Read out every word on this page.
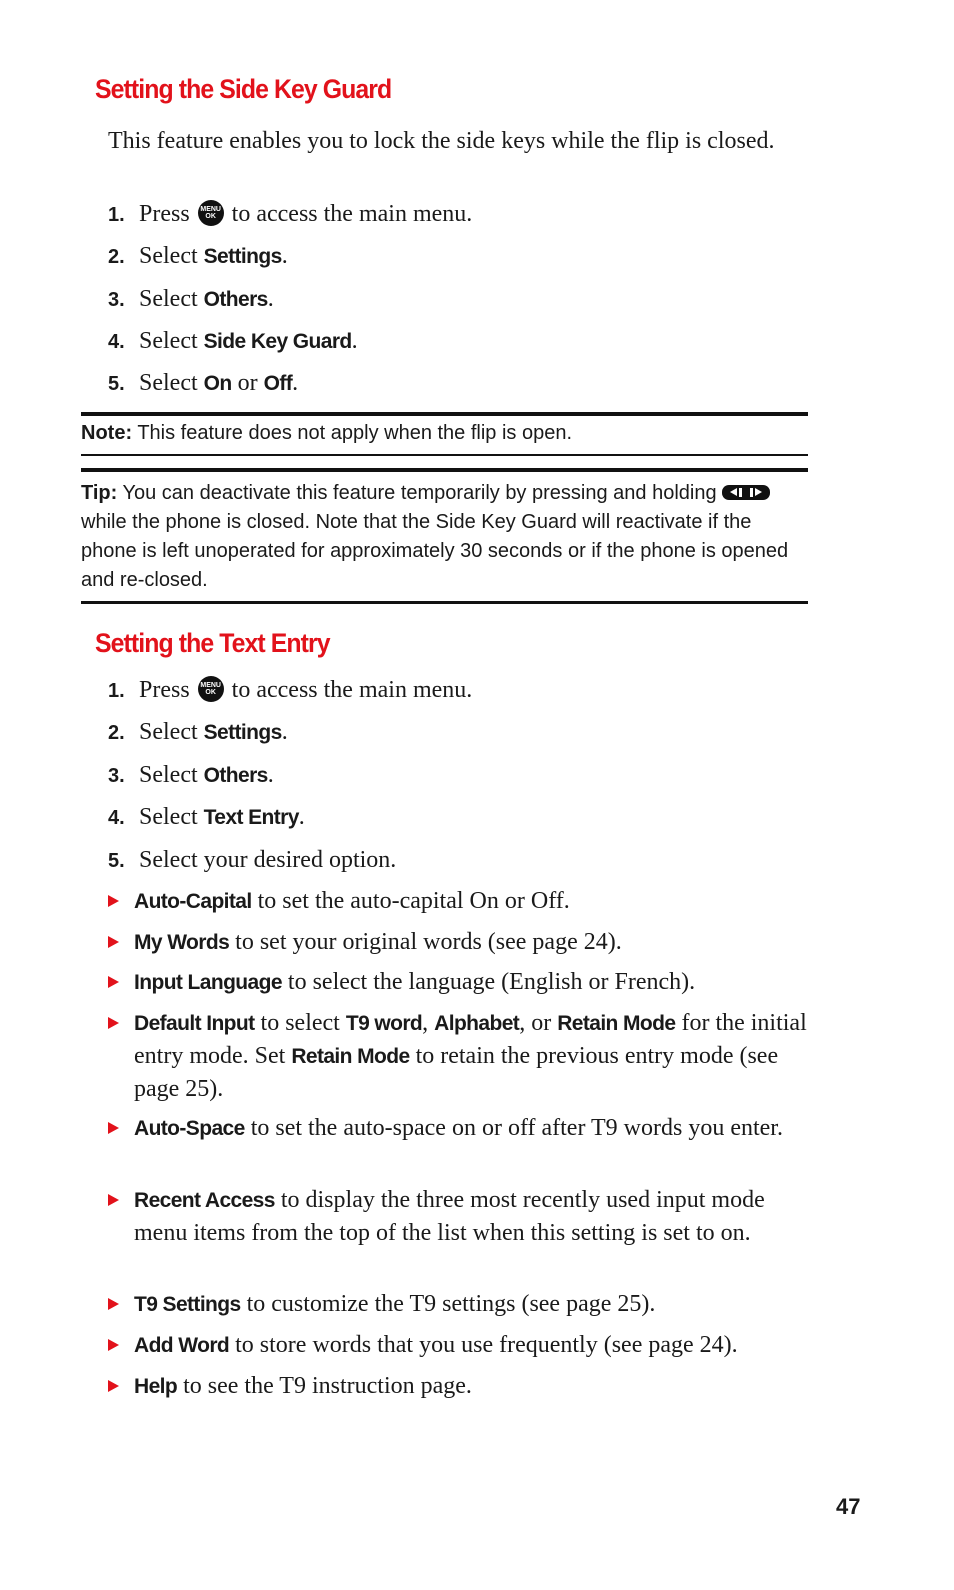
Setting the Side Key Guard

This feature enables you to lock the side keys while the flip is closed.

1. Press	MENU
OK to access the main menu.
2. Select Settings.
3. Select Others.
4. Select Side Key Guard.
5. Select On or Off.

Note: This feature does not apply when the flip is open.

Tip: You can deactivate this feature temporarily by pressing and holding
while the phone is closed. Note that the Side Key Guard will reactivate if the phone is left unoperated for approximately 30 seconds or if the phone is opened and re-closed.

Setting the Text Entry
1. Press	MENU
OK to access the main menu.
2. Select Settings.
3. Select Others.
4. Select Text Entry.
5. Select your desired option.
Auto-Capital to set the auto-capital On or Off.
My Words to set your original words (see page 24).
Input Language to select the language (English or French).
Default Input to select T9 word, Alphabet, or Retain Mode for the initial entry mode. Set Retain Mode to retain the previous entry mode (see page 25).
Auto-Space to set the auto-space on or off after T9 words you enter.
Recent Access to display the three most recently used input mode menu items from the top of the list when this setting is set to on.
T9 Settings to customize the T9 settings (see page 25).
Add Word to store words that you use frequently (see page 24).
Help to see the T9 instruction page.

47
